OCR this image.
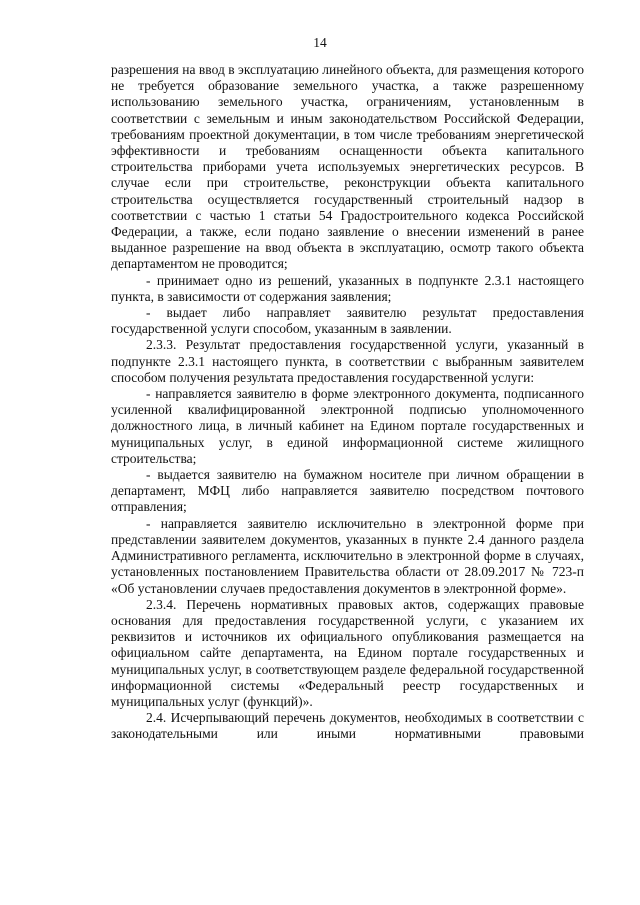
14

разрешения на ввод в эксплуатацию линейного объекта, для размещения которого не требуется образование земельного участка, а также разрешенному использованию земельного участка, ограничениям, установленным в соответствии с земельным и иным законодательством Российской Федерации, требованиям проектной документации, в том числе требованиям энергетической эффективности и требованиям оснащенности объекта капитального строительства приборами учета используемых энергетических ресурсов. В случае если при строительстве, реконструкции объекта капитального строительства осуществляется государственный строительный надзор в соответствии с частью 1 статьи 54 Градостроительного кодекса Российской Федерации, а также, если подано заявление о внесении изменений в ранее выданное разрешение на ввод объекта в эксплуатацию, осмотр такого объекта департаментом не проводится;

- принимает одно из решений, указанных в подпункте 2.3.1 настоящего пункта, в зависимости от содержания заявления;

- выдает либо направляет заявителю результат предоставления государственной услуги способом, указанным в заявлении.

2.3.3. Результат предоставления государственной услуги, указанный в подпункте 2.3.1 настоящего пункта, в соответствии с выбранным заявителем способом получения результата предоставления государственной услуги:

- направляется заявителю в форме электронного документа, подписанного усиленной квалифицированной электронной подписью уполномоченного должностного лица, в личный кабинет на Едином портале государственных и муниципальных услуг, в единой информационной системе жилищного строительства;

- выдается заявителю на бумажном носителе при личном обращении в департамент, МФЦ либо направляется заявителю посредством почтового отправления;

- направляется заявителю исключительно в электронной форме при представлении заявителем документов, указанных в пункте 2.4 данного раздела Административного регламента, исключительно в электронной форме в случаях, установленных постановлением Правительства области от 28.09.2017 № 723-п «Об установлении случаев предоставления документов в электронной форме».

2.3.4. Перечень нормативных правовых актов, содержащих правовые основания для предоставления государственной услуги, с указанием их реквизитов и источников их официального опубликования размещается на официальном сайте департамента, на Едином портале государственных и муниципальных услуг, в соответствующем разделе федеральной государственной информационной системы «Федеральный реестр государственных и муниципальных услуг (функций)».

2.4. Исчерпывающий перечень документов, необходимых в соответствии с законодательными или иными нормативными правовыми
